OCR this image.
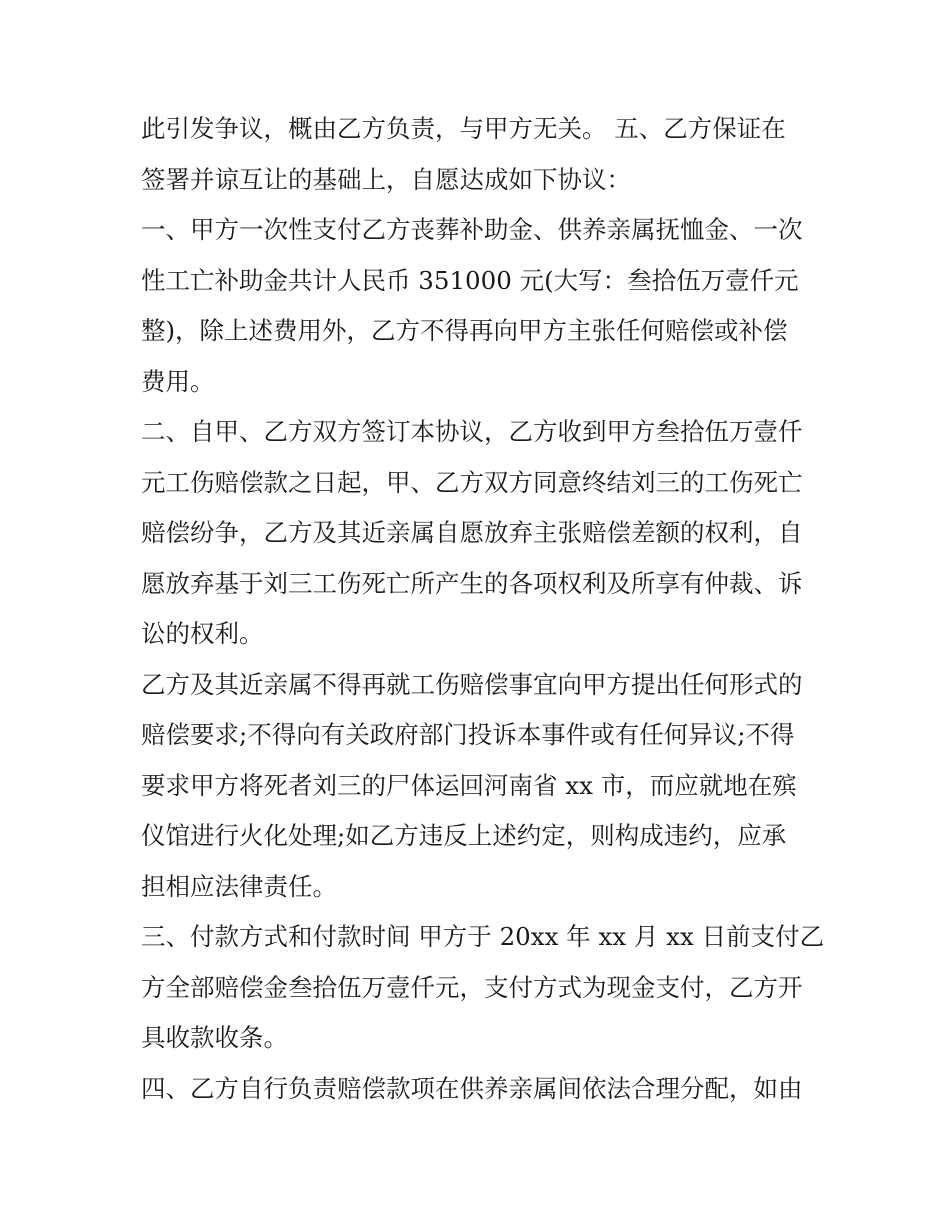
此引发争议，概由乙方负责，与甲方无关。 五、乙方保证在
签署并谅互让的基础上，自愿达成如下协议：
一、甲方一次性支付乙方丧葬补助金、供养亲属抚恤金、一次
性工亡补助金共计人民币 351000 元(大写：叁拾伍万壹仟元
整)，除上述费用外，乙方不得再向甲方主张任何赔偿或补偿
费用。
二、自甲、乙方双方签订本协议，乙方收到甲方叁拾伍万壹仟
元工伤赔偿款之日起，甲、乙方双方同意终结刘三的工伤死亡
赔偿纷争，乙方及其近亲属自愿放弃主张赔偿差额的权利，自
愿放弃基于刘三工伤死亡所产生的各项权利及所享有仲裁、诉
讼的权利。
乙方及其近亲属不得再就工伤赔偿事宜向甲方提出任何形式的
赔偿要求;不得向有关政府部门投诉本事件或有任何异议;不得
要求甲方将死者刘三的尸体运回河南省 xx 市，而应就地在殡
仪馆进行火化处理;如乙方违反上述约定，则构成违约，应承
担相应法律责任。
三、付款方式和付款时间 甲方于 20xx 年 xx 月 xx 日前支付乙
方全部赔偿金叁拾伍万壹仟元，支付方式为现金支付，乙方开
具收款收条。
四、乙方自行负责赔偿款项在供养亲属间依法合理分配，如由
